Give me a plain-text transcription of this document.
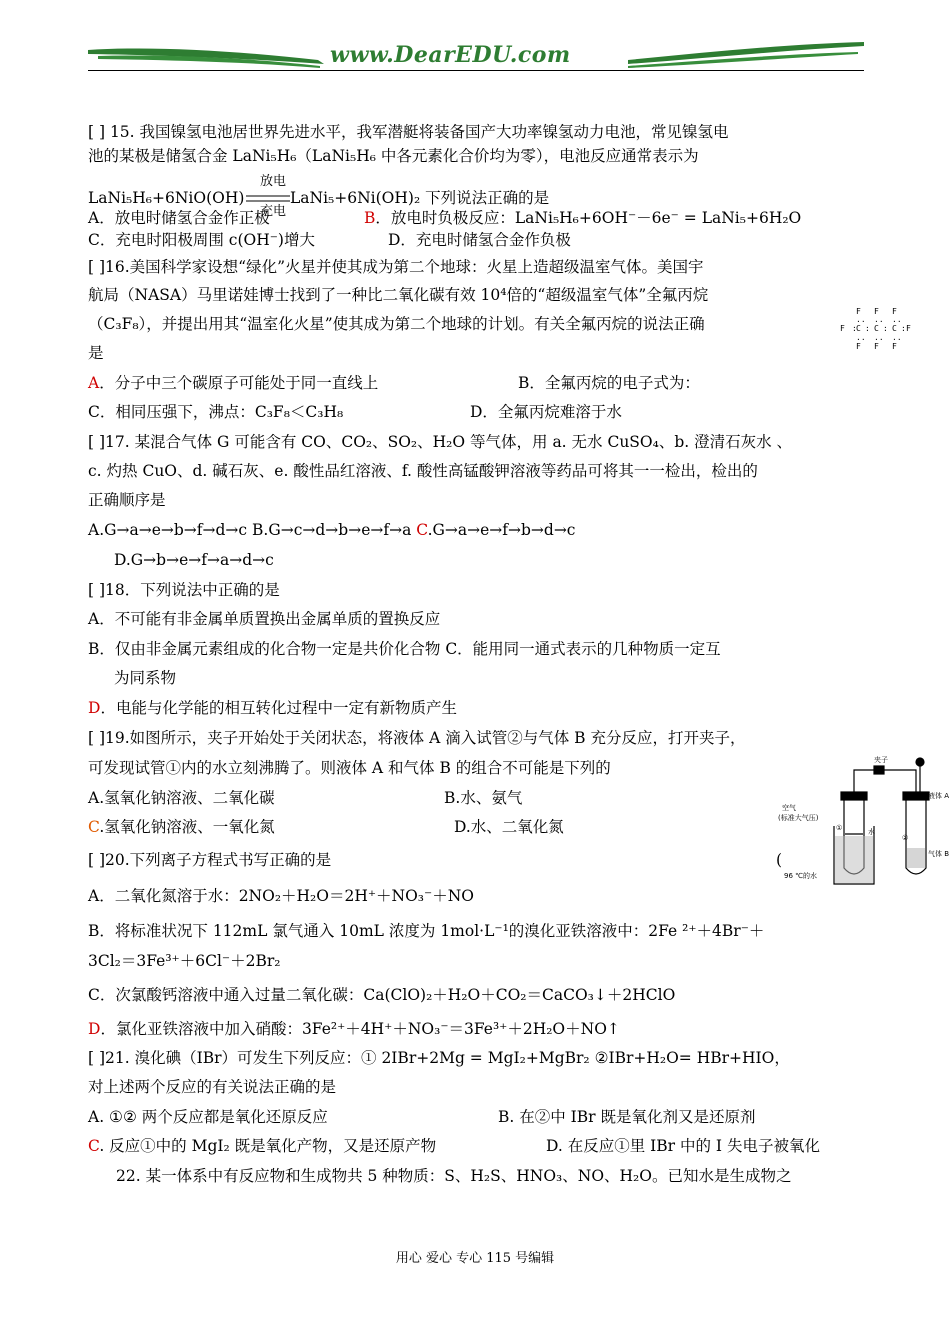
www.DearEDU.com
[ ] 15. 我国镍氢电池居世界先进水平，我军潜艇将装备国产大功率镍氢动力电池，常见镍氢电
池的某极是储氢合金 LaNi₅H₆（LaNi₅H₆ 中各元素化合价均为零），电池反应通常表示为
LaNi₅H₆+6NiO(OH)
放电
充电
LaNi₅+6Ni(OH)₂ 下列说法正确的是
A．放电时储氢合金作正极	B．放电时负极反应：LaNi₅H₆+6OH⁻－6e⁻ = LaNi₅+6H₂O
C．充电时阳极周围 c(OH⁻)增大	D．充电时储氢合金作负极
[ ]16.美国科学家设想“绿化”火星并使其成为第二个地球：火星上造超级温室气体。美国宇
航局（NASA）马里诺娃博士找到了一种比二氧化碳有效 10⁴倍的“超级温室气体”全氟丙烷
（C₃F₈），并提出用其“温室化火星”使其成为第二个地球的计划。有关全氟丙烷的说法正确
是
F F F
F : C : C : C : F
F F F
.. .. ..
.. .. ..
A．分子中三个碳原子可能处于同一直线上	B．全氟丙烷的电子式为：
C．相同压强下，沸点：C₃F₈＜C₃H₈	D．全氟丙烷难溶于水
[ ]17. 某混合气体 G 可能含有 CO、CO₂、SO₂、H₂O 等气体，用 a. 无水 CuSO₄、b. 澄清石灰水 、
c. 灼热 CuO、d. 碱石灰、e. 酸性品红溶液、f. 酸性高锰酸钾溶液等药品可将其一一检出，检出的
正确顺序是
A.G→a→e→b→f→d→c B.G→c→d→b→e→f→a C.G→a→e→f→b→d→c
D.G→b→e→f→a→d→c
[ ]18．下列说法中正确的是
A．不可能有非金属单质置换出金属单质的置换反应
B．仅由非金属元素组成的化合物一定是共价化合物 C．能用同一通式表示的几种物质一定互
为同系物
D．电能与化学能的相互转化过程中一定有新物质产生
[ ]19.如图所示，夹子开始处于关闭状态，将液体 A 滴入试管②与气体 B 充分反应，打开夹子，
可发现试管①内的水立刻沸腾了。则液体 A 和气体 B 的组合不可能是下列的
A.氢氧化钠溶液、二氧化碳	B.水、氨气
C.氢氧化钠溶液、一氧化氮	D.水、二氧化氮
夹子
空气
(标准大气压)
①
②
水
96 ℃的水
液体 A
气体 B
[ ]20.下列离子方程式书写正确的是	(
A．二氧化氮溶于水：2NO₂＋H₂O＝2H⁺＋NO₃⁻＋NO
B．将标准状况下 112mL 氯气通入 10mL 浓度为 1mol·L⁻¹的溴化亚铁溶液中：2Fe ²⁺＋4Br⁻＋
3Cl₂＝3Fe³⁺＋6Cl⁻＋2Br₂
C．次氯酸钙溶液中通入过量二氧化碳：Ca(ClO)₂＋H₂O＋CO₂＝CaCO₃↓＋2HClO
D．氯化亚铁溶液中加入硝酸：3Fe²⁺＋4H⁺＋NO₃⁻＝3Fe³⁺＋2H₂O＋NO↑
[ ]21. 溴化碘（IBr）可发生下列反应：① 2IBr+2Mg = MgI₂+MgBr₂ ②IBr+H₂O= HBr+HIO，
对上述两个反应的有关说法正确的是
A. ①② 两个反应都是氧化还原反应	B. 在②中 IBr 既是氧化剂又是还原剂
C. 反应①中的 MgI₂ 既是氧化产物，又是还原产物	D. 在反应①里 IBr 中的 I 失电子被氧化
22. 某一体系中有反应物和生成物共 5 种物质：S、H₂S、HNO₃、NO、H₂O。已知水是生成物之
用心 爱心 专心 115 号编辑
